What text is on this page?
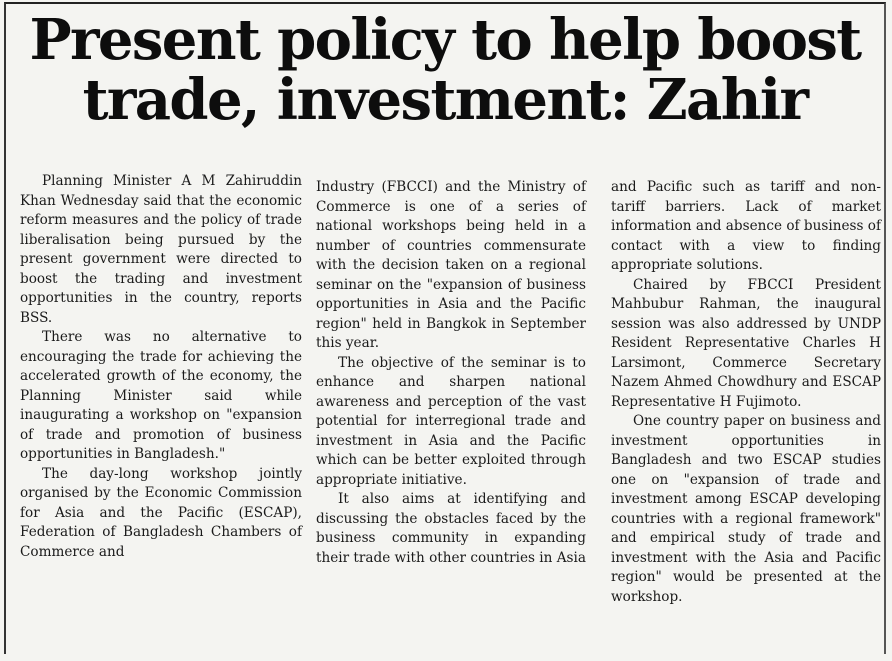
Present policy to help boost
trade, investment: Zahir

Planning Minister A M Zahiruddin Khan Wednesday said that the economic reform measures and the policy of trade liberalisation being pursued by the present government were directed to boost the trading and investment opportunities in the country, reports BSS.

There was no alternative to encouraging the trade for achieving the accelerated growth of the economy, the Planning Minister said while inaugurating a workshop on "expansion of trade and promotion of business opportunities in Bangladesh."

The day-long workshop jointly organised by the Economic Commission for Asia and the Pacific (ESCAP), Federation of Bangladesh Chambers of Commerce and

Industry (FBCCI) and the Ministry of Commerce is one of a series of national workshops being held in a number of countries commensurate with the decision taken on a regional seminar on the "expansion of business opportunities in Asia and the Pacific region" held in Bangkok in September this year.

The objective of the seminar is to enhance and sharpen national awareness and perception of the vast potential for interregional trade and investment in Asia and the Pacific which can be better exploited through appropriate initiative.

It also aims at identifying and discussing the obstacles faced by the business community in expanding their trade with other countries in Asia

and Pacific such as tariff and non- tariff barriers. Lack of market information and absence of business of contact with a view to finding appropriate solutions.

Chaired by FBCCI President Mahbubur Rahman, the inaugural session was also addressed by UNDP Resident Representative Charles H Larsimont, Commerce Secretary Nazem Ahmed Chowdhury and ESCAP Representative H Fujimoto.

One country paper on business and investment opportunities in Bangladesh and two ESCAP studies one on "expansion of trade and investment among ESCAP developing countries with a regional framework" and empirical study of trade and investment with the Asia and Pacific region" would be presented at the workshop.
